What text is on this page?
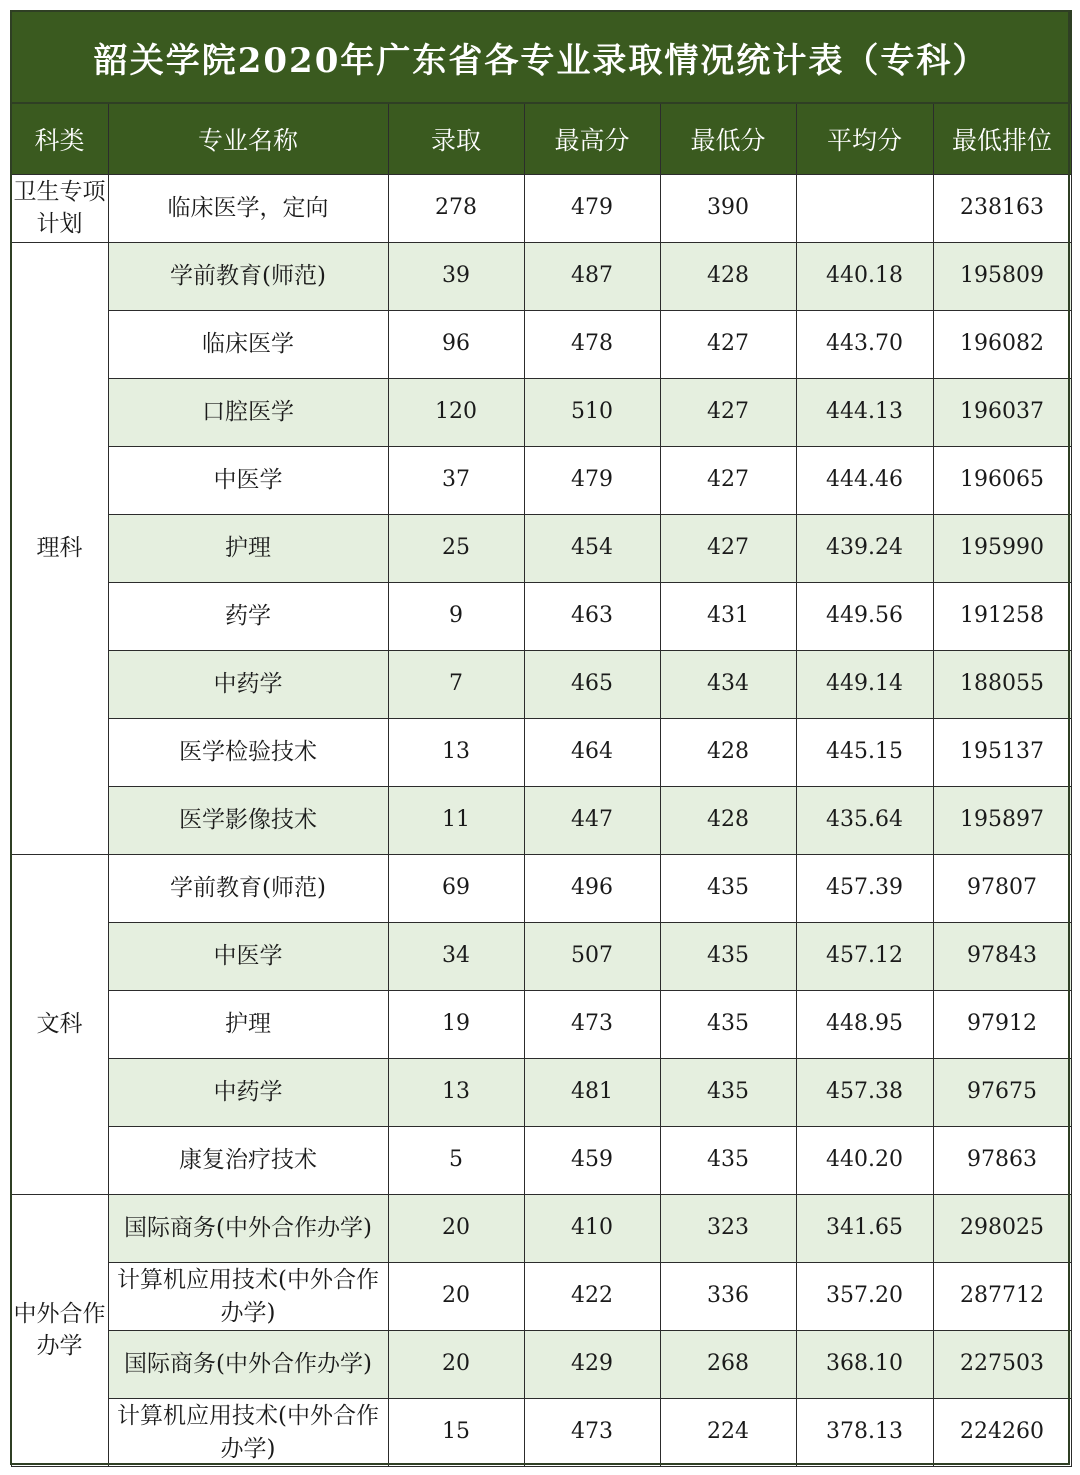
韶关学院2020年广东省各专业录取情况统计表（专科）						
科类	专业名称	录取	最高分	最低分	平均分	最低排位
卫生专项计划	临床医学，定向	278	479	390		238163
理科	学前教育(师范)	39	487	428	440.18	195809
	临床医学	96	478	427	443.70	196082
	口腔医学	120	510	427	444.13	196037
	中医学	37	479	427	444.46	196065
	护理	25	454	427	439.24	195990
	药学	9	463	431	449.56	191258
	中药学	7	465	434	449.14	188055
	医学检验技术	13	464	428	445.15	195137
	医学影像技术	11	447	428	435.64	195897
文科	学前教育(师范)	69	496	435	457.39	97807
	中医学	34	507	435	457.12	97843
	护理	19	473	435	448.95	97912
	中药学	13	481	435	457.38	97675
	康复治疗技术	5	459	435	440.20	97863
中外合作办学	国际商务(中外合作办学)	20	410	323	341.65	298025
	计算机应用技术(中外合作办学)	20	422	336	357.20	287712
	国际商务(中外合作办学)	20	429	268	368.10	227503
	计算机应用技术(中外合作办学)	15	473	224	378.13	224260
